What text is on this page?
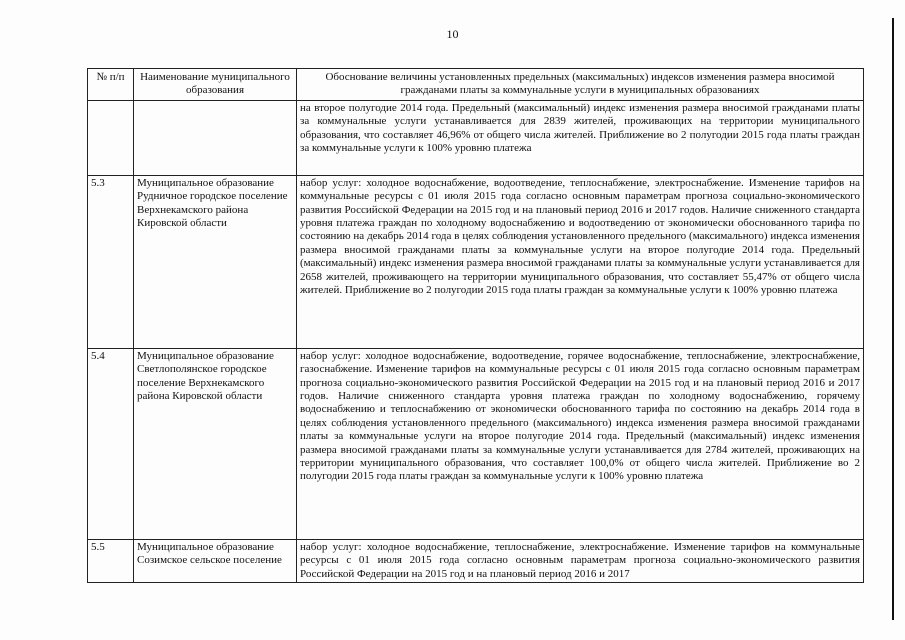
10
№ п/п	Наименование муниципального образования	Обоснование величины установленных предельных (максимальных) индексов изменения размера вносимой гражданами платы за коммунальные услуги в муниципальных образованиях
		на второе полугодие 2014 года. Предельный (максимальный) индекс изменения размера вносимой гражданами платы за коммунальные услуги устанавливается для 2839 жителей, проживающих на территории муниципального образования, что составляет 46,96% от общего числа жителей. Приближение во 2 полугодии 2015 года платы граждан за коммунальные услуги к 100% уровню платежа
5.3	Муниципальное образование Рудничное городское поселение Верхнекамского района Кировской области	набор услуг: холодное водоснабжение, водоотведение, теплоснабжение, электроснабжение. Изменение тарифов на коммунальные ресурсы с 01 июля 2015 года согласно основным параметрам прогноза социально-экономического развития Российской Федерации на 2015 год и на плановый период 2016 и 2017 годов. Наличие сниженного стандарта уровня платежа граждан по холодному водоснабжению и водоотведению от экономически обоснованного тарифа по состоянию на декабрь 2014 года в целях соблюдения установленного предельного (максимального) индекса изменения размера вносимой гражданами платы за коммунальные услуги на второе полугодие 2014 года. Предельный (максимальный) индекс изменения размера вносимой гражданами платы за коммунальные услуги устанавливается для 2658 жителей, проживающего на территории муниципального образования, что составляет 55,47% от общего числа жителей. Приближение во 2 полугодии 2015 года платы граждан за коммунальные услуги к 100% уровню платежа
5.4	Муниципальное образование Светлополянское городское поселение Верхнекамского района Кировской области	набор услуг: холодное водоснабжение, водоотведение, горячее водоснабжение, теплоснабжение, электроснабжение, газоснабжение. Изменение тарифов на коммунальные ресурсы с 01 июля 2015 года согласно основным параметрам прогноза социально-экономического развития Российской Федерации на 2015 год и на плановый период 2016 и 2017 годов. Наличие сниженного стандарта уровня платежа граждан по холодному водоснабжению, горячему водоснабжению и теплоснабжению от экономически обоснованного тарифа по состоянию на декабрь 2014 года в целях соблюдения установленного предельного (максимального) индекса изменения размера вносимой гражданами платы за коммунальные услуги на второе полугодие 2014 года. Предельный (максимальный) индекс изменения размера вносимой гражданами платы за коммунальные услуги устанавливается для 2784 жителей, проживающих на территории муниципального образования, что составляет 100,0% от общего числа жителей. Приближение во 2 полугодии 2015 года платы граждан за коммунальные услуги к 100% уровню платежа
5.5	Муниципальное образование Созимское сельское поселение	набор услуг: холодное водоснабжение, теплоснабжение, электроснабжение. Изменение тарифов на коммунальные ресурсы с 01 июля 2015 года согласно основным параметрам прогноза социально-экономического развития Российской Федерации на 2015 год и на плановый период 2016 и 2017
